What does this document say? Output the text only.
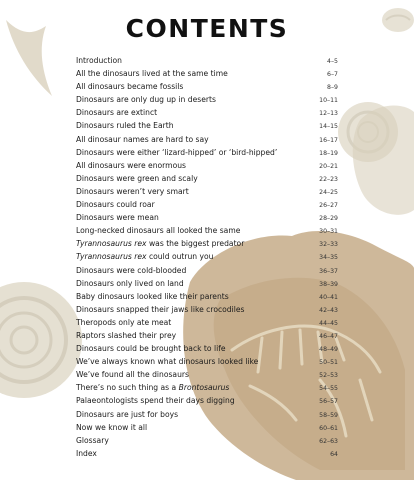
CONTENTS
Introduction	4–5
All the dinosaurs lived at the same time	6–7
All dinosaurs became fossils	8–9
Dinosaurs are only dug up in deserts	10–11
Dinosaurs are extinct	12–13
Dinosaurs ruled the Earth	14–15
All dinosaur names are hard to say	16–17
Dinosaurs were either ‘lizard-hipped’ or ‘bird-hipped’	18–19
All dinosaurs were enormous	20–21
Dinosaurs were green and scaly	22–23
Dinosaurs weren’t very smart	24–25
Dinosaurs could roar	26–27
Dinosaurs were mean	28–29
Long-necked dinosaurs all looked the same	30–31
Tyrannosaurus rex was the biggest predator	32–33
Tyrannosaurus rex could outrun you	34–35
Dinosaurs were cold-blooded	36–37
Dinosaurs only lived on land	38–39
Baby dinosaurs looked like their parents	40–41
Dinosaurs snapped their jaws like crocodiles	42–43
Theropods only ate meat	44–45
Raptors slashed their prey	46–47
Dinosaurs could be brought back to life	48–49
We’ve always known what dinosaurs looked like	50–51
We’ve found all the dinosaurs	52–53
There’s no such thing as a Brontosaurus	54–55
Palaeontologists spend their days digging	56–57
Dinosaurs are just for boys	58–59
Now we know it all	60–61
Glossary	62–63
Index	64
